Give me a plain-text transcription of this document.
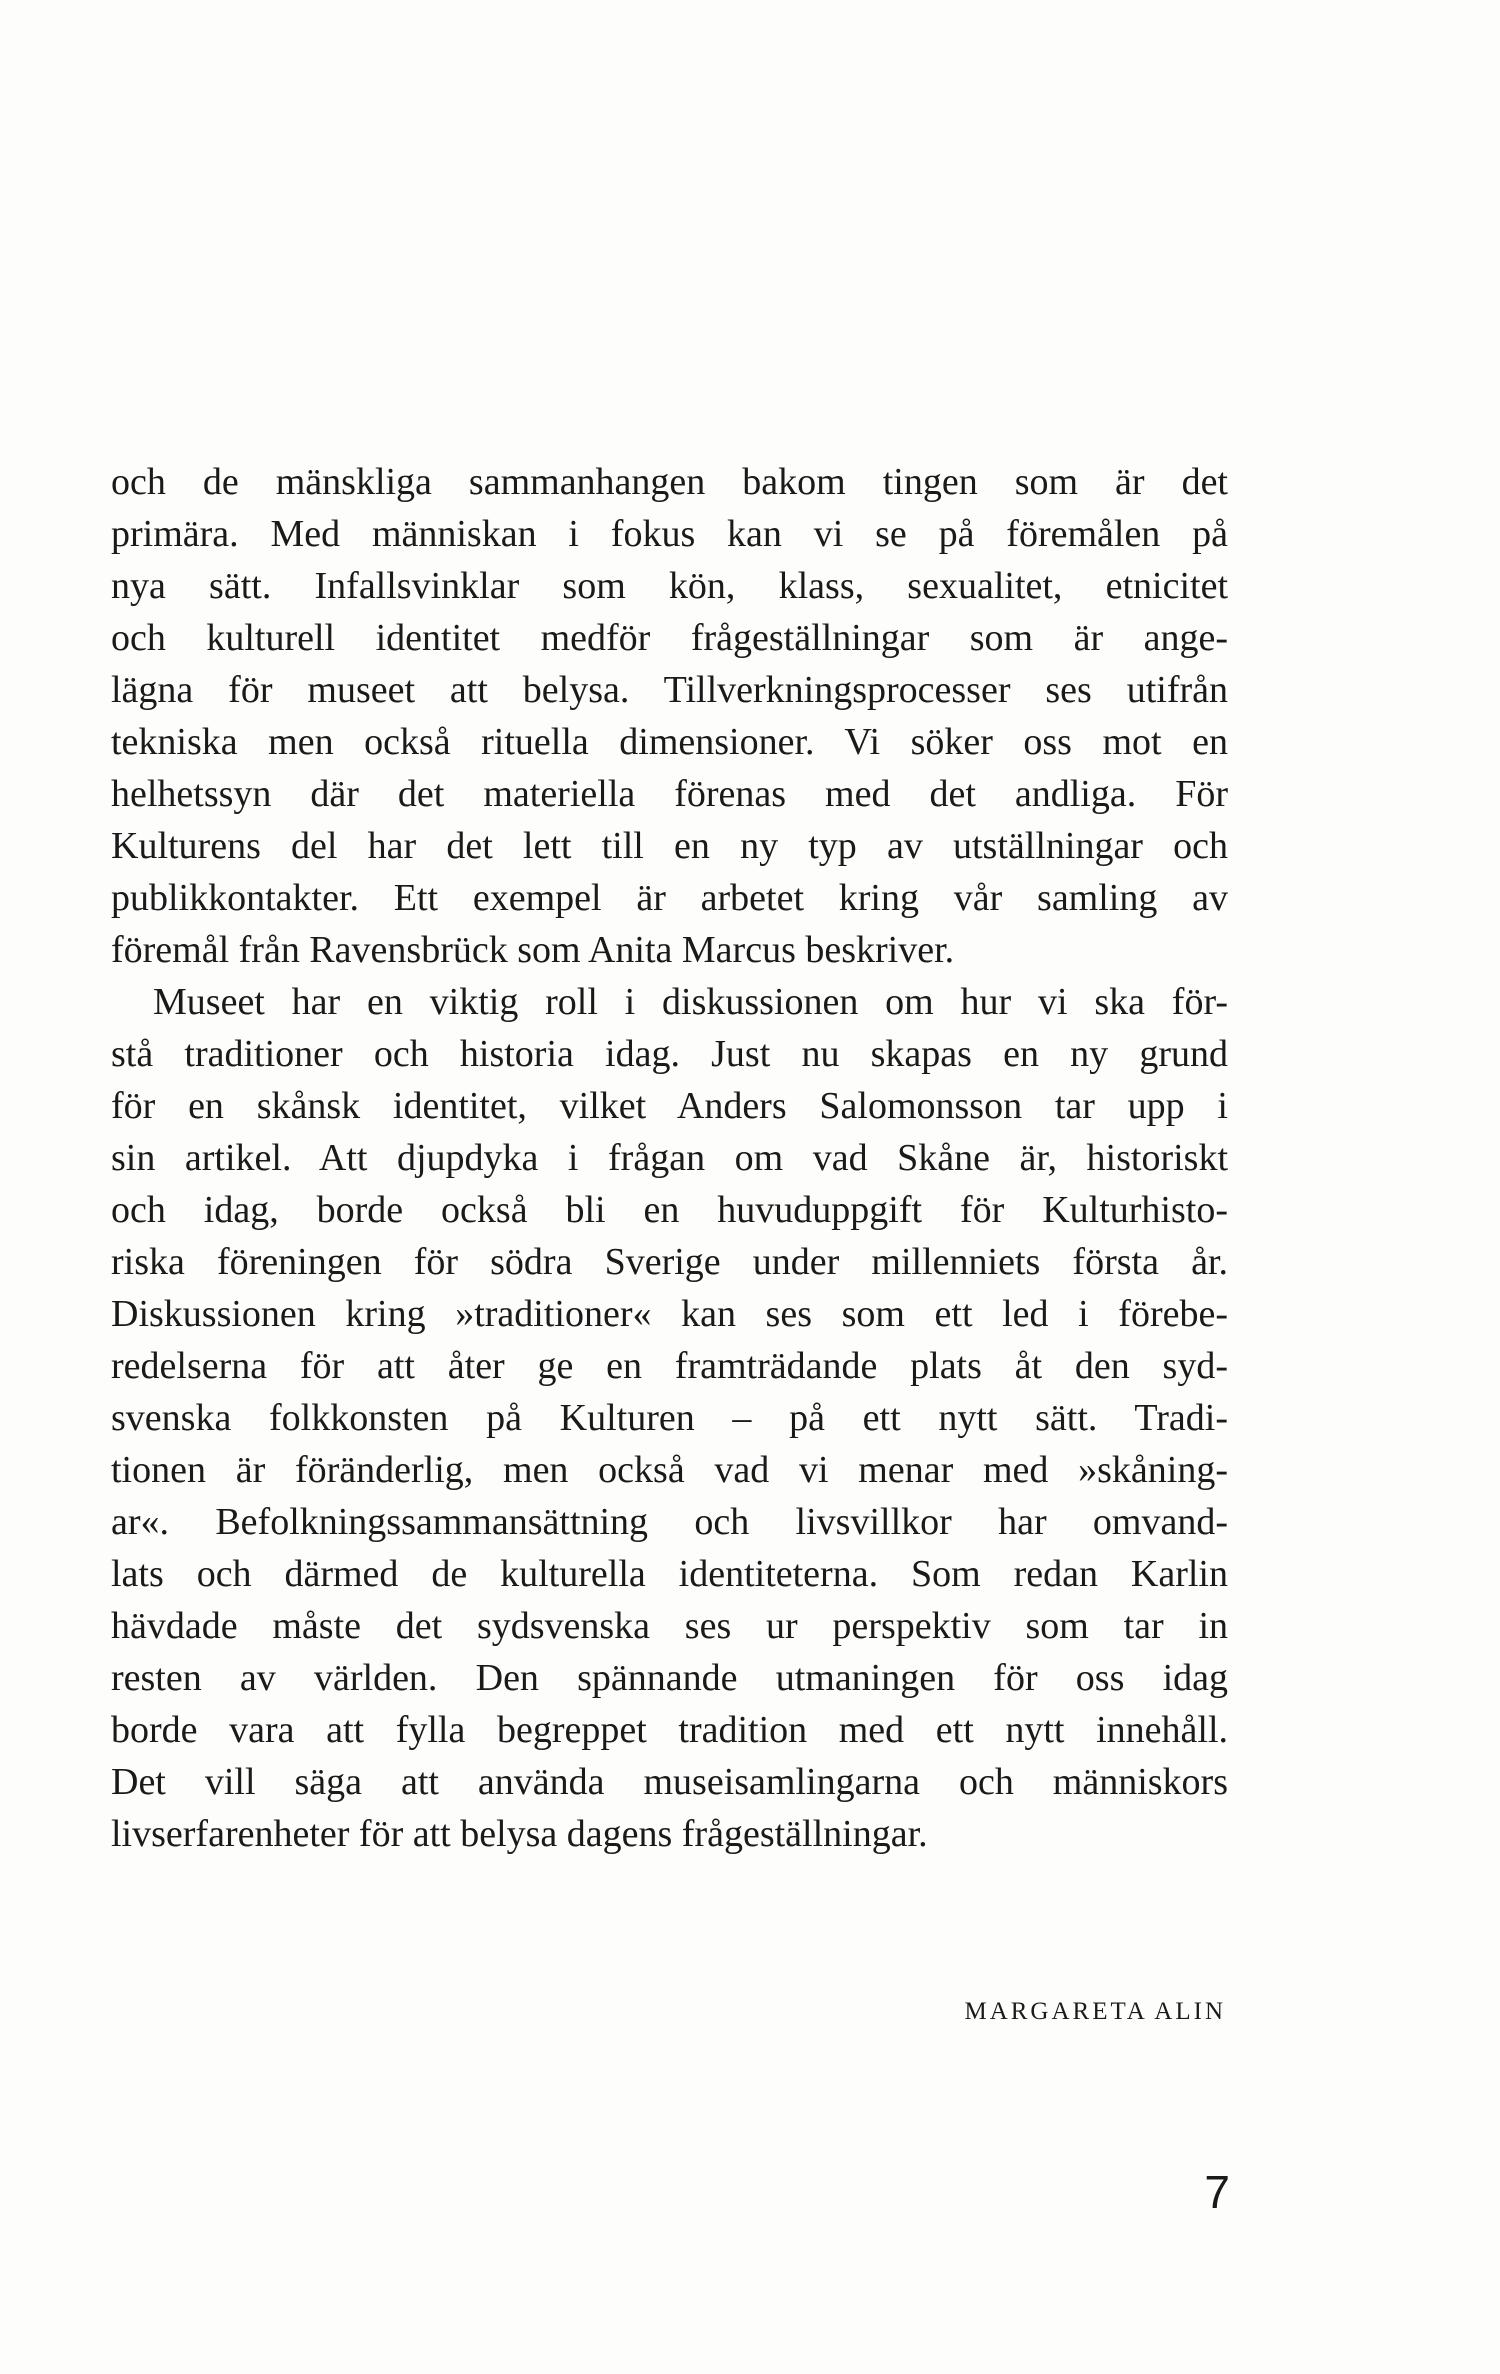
och de mänskliga sammanhangen bakom tingen som är det
primära. Med människan i fokus kan vi se på föremålen på
nya sätt. Infallsvinklar som kön, klass, sexualitet, etnicitet
och kulturell identitet medför frågeställningar som är ange-
lägna för museet att belysa. Tillverkningsprocesser ses utifrån
tekniska men också rituella dimensioner. Vi söker oss mot en
helhetssyn där det materiella förenas med det andliga. För
Kulturens del har det lett till en ny typ av utställningar och
publikkontakter. Ett exempel är arbetet kring vår samling av
föremål från Ravensbrück som Anita Marcus beskriver.
Museet har en viktig roll i diskussionen om hur vi ska för-
stå traditioner och historia idag. Just nu skapas en ny grund
för en skånsk identitet, vilket Anders Salomonsson tar upp i
sin artikel. Att djupdyka i frågan om vad Skåne är, historiskt
och idag, borde också bli en huvuduppgift för Kulturhisto-
riska föreningen för södra Sverige under millenniets första år.
Diskussionen kring »traditioner« kan ses som ett led i förebe-
redelserna för att åter ge en framträdande plats åt den syd-
svenska folkkonsten på Kulturen – på ett nytt sätt. Tradi-
tionen är föränderlig, men också vad vi menar med »skåning-
ar«. Befolkningssammansättning och livsvillkor har omvand-
lats och därmed de kulturella identiteterna. Som redan Karlin
hävdade måste det sydsvenska ses ur perspektiv som tar in
resten av världen. Den spännande utmaningen för oss idag
borde vara att fylla begreppet tradition med ett nytt innehåll.
Det vill säga att använda museisamlingarna och människors
livserfarenheter för att belysa dagens frågeställningar.
MARGARETA ALIN
7
